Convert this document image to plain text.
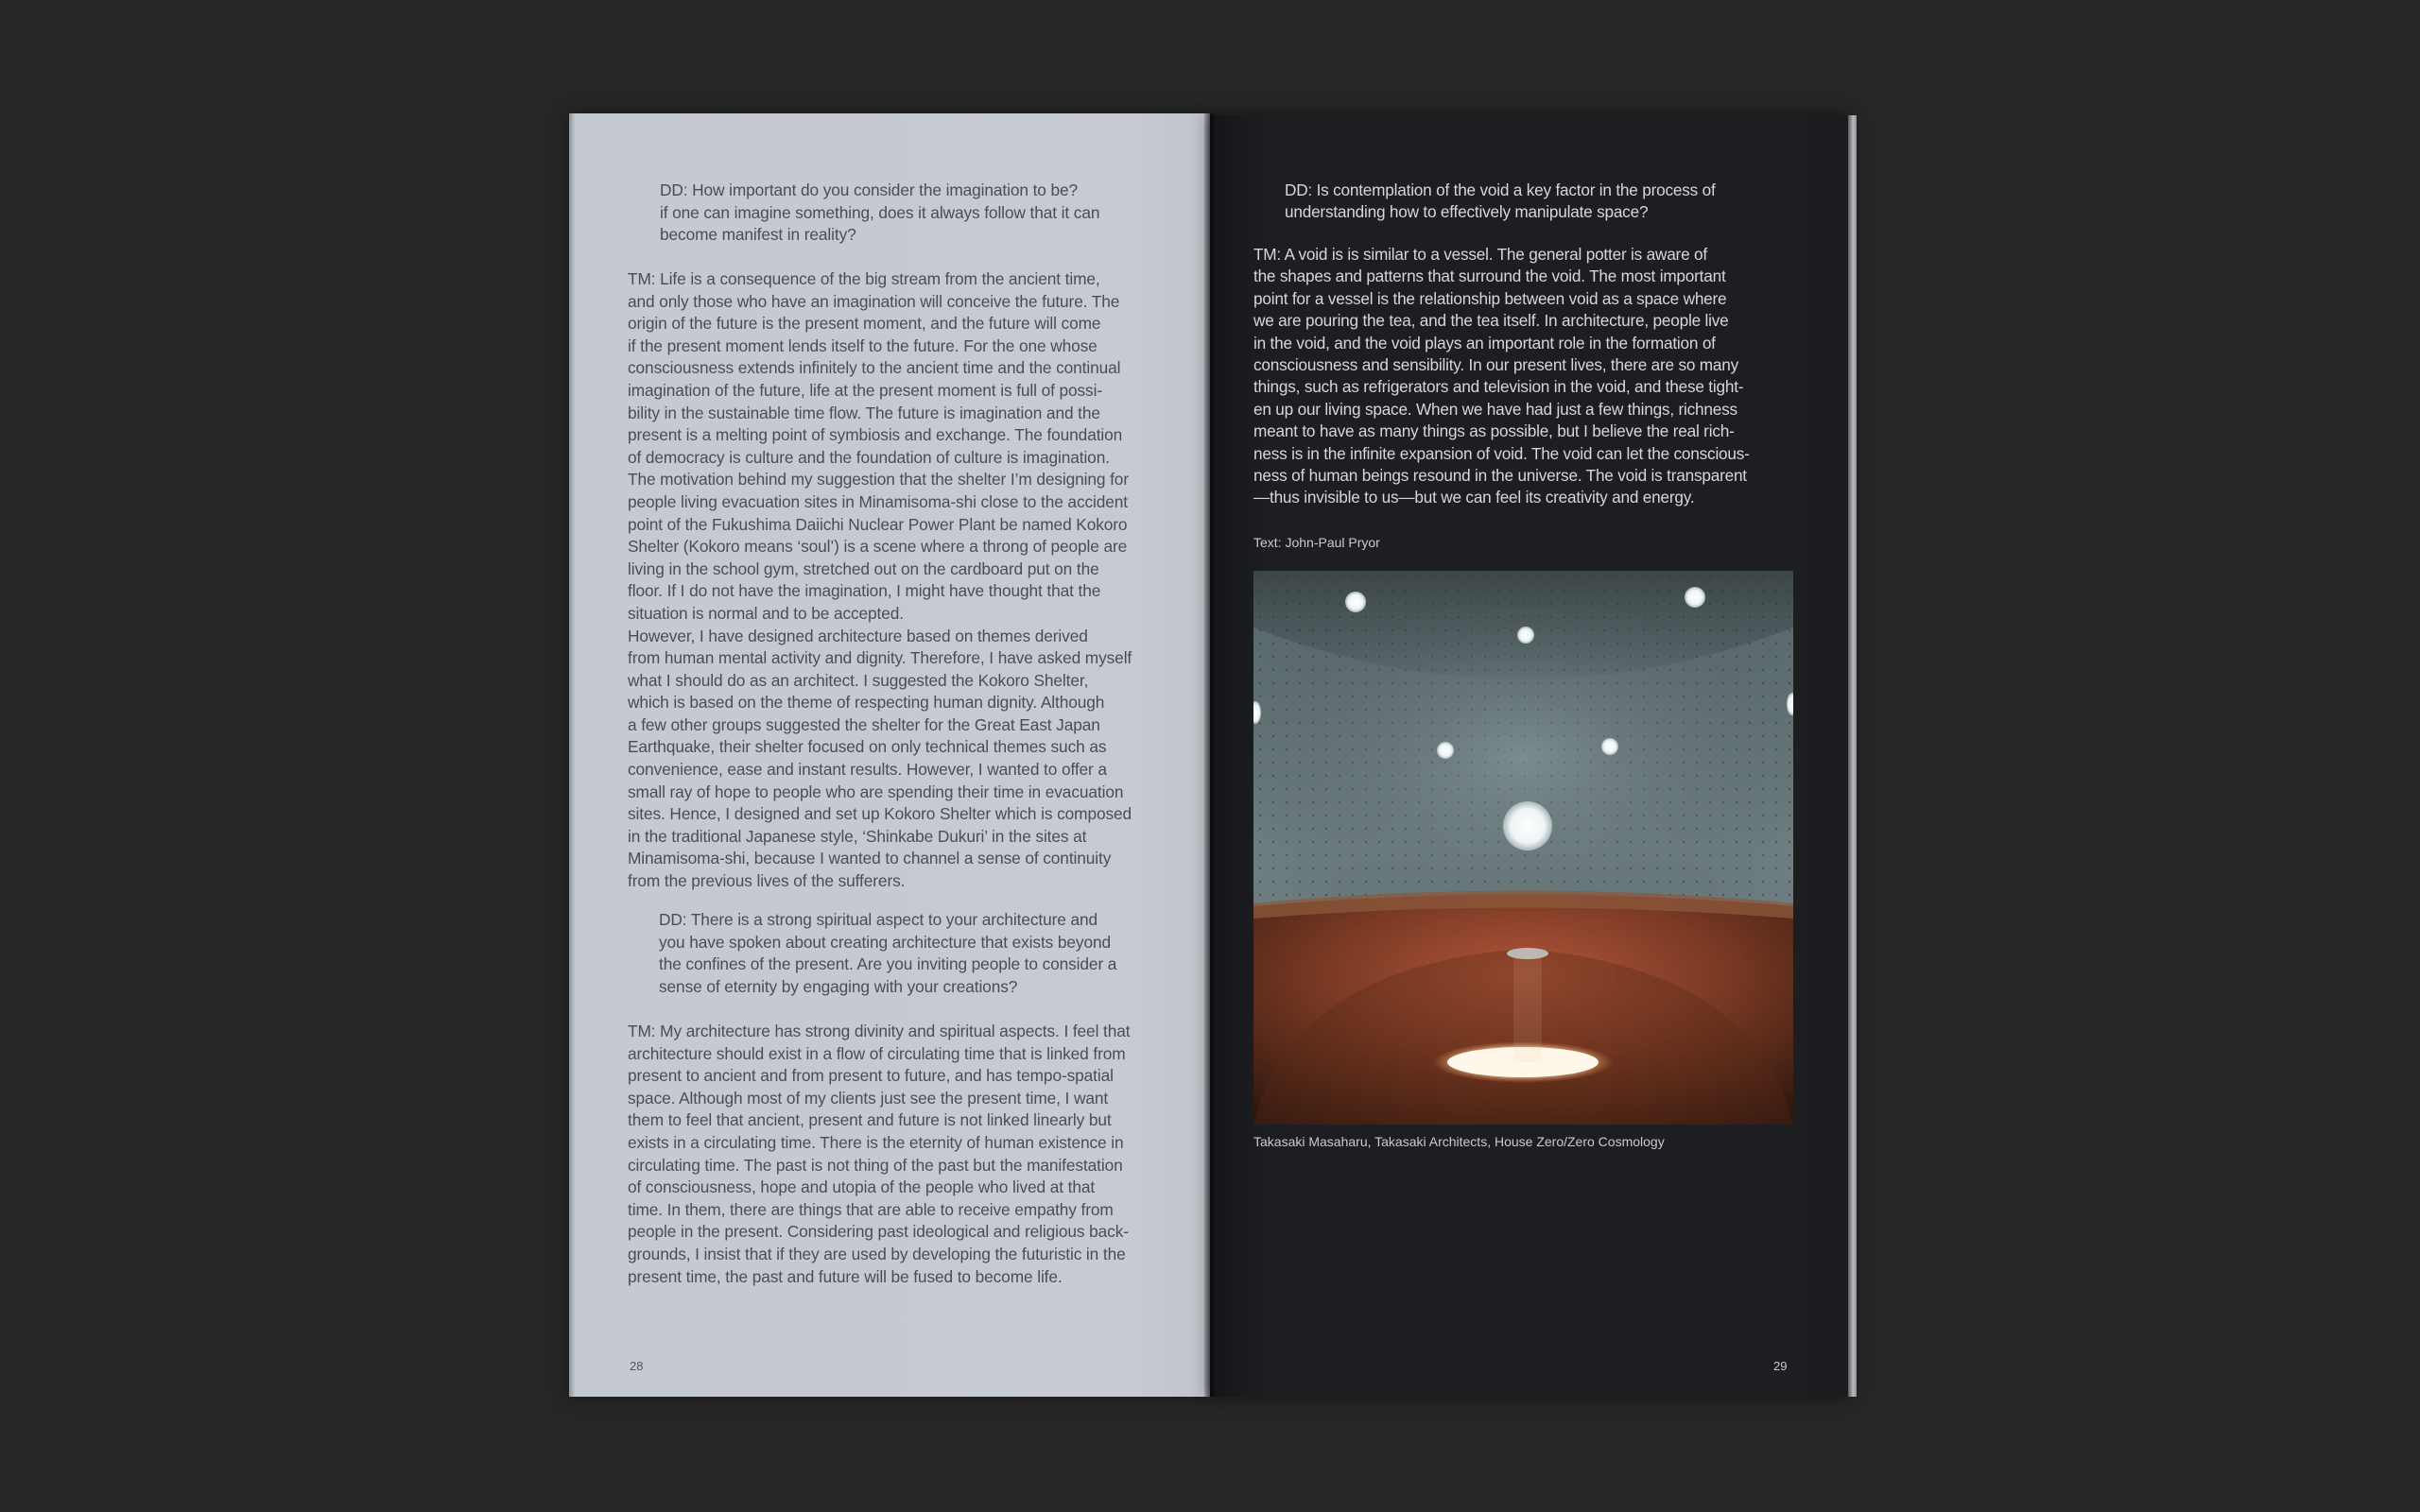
DD: How important do you consider the imagination to be?
if one can imagine something, does it always follow that it can
become manifest in reality?
TM: Life is a consequence of the big stream from the ancient time,
and only those who have an imagination will conceive the future. The
origin of the future is the present moment, and the future will come
if the present moment lends itself to the future. For the one whose
consciousness extends infinitely to the ancient time and the continual
imagination of the future, life at the present moment is full of possi-
bility in the sustainable time flow. The future is imagination and the
present is a melting point of symbiosis and exchange. The foundation
of democracy is culture and the foundation of culture is imagination.
The motivation behind my suggestion that the shelter I’m designing for
people living evacuation sites in Minamisoma-shi close to the accident
point of the Fukushima Daiichi Nuclear Power Plant be named Kokoro
Shelter (Kokoro means ‘soul’) is a scene where a throng of people are
living in the school gym, stretched out on the cardboard put on the
floor. If I do not have the imagination, I might have thought that the
situation is normal and to be accepted.
However, I have designed architecture based on themes derived
from human mental activity and dignity. Therefore, I have asked myself
what I should do as an architect. I suggested the Kokoro Shelter,
which is based on the theme of respecting human dignity. Although
a few other groups suggested the shelter for the Great East Japan
Earthquake, their shelter focused on only technical themes such as
convenience, ease and instant results. However, I wanted to offer a
small ray of hope to people who are spending their time in evacuation
sites. Hence, I designed and set up Kokoro Shelter which is composed
in the traditional Japanese style, ‘Shinkabe Dukuri’ in the sites at
Minamisoma-shi, because I wanted to channel a sense of continuity
from the previous lives of the sufferers.
DD: There is a strong spiritual aspect to your architecture and
you have spoken about creating architecture that exists beyond
the confines of the present. Are you inviting people to consider a
sense of eternity by engaging with your creations?
TM: My architecture has strong divinity and spiritual aspects. I feel that
architecture should exist in a flow of circulating time that is linked from
present to ancient and from present to future, and has tempo-spatial
space. Although most of my clients just see the present time, I want
them to feel that ancient, present and future is not linked linearly but
exists in a circulating time. There is the eternity of human existence in
circulating time. The past is not thing of the past but the manifestation
of consciousness, hope and utopia of the people who lived at that
time. In them, there are things that are able to receive empathy from
people in the present. Considering past ideological and religious back-
grounds, I insist that if they are used by developing the futuristic in the
present time, the past and future will be fused to become life.
28
DD: Is contemplation of the void a key factor in the process of
understanding how to effectively manipulate space?
TM: A void is is similar to a vessel. The general potter is aware of
the shapes and patterns that surround the void. The most important
point for a vessel is the relationship between void as a space where
we are pouring the tea, and the tea itself. In architecture, people live
in the void, and the void plays an important role in the formation of
consciousness and sensibility. In our present lives, there are so many
things, such as refrigerators and television in the void, and these tight-
en up our living space. When we have had just a few things, richness
meant to have as many things as possible, but I believe the real rich-
ness is in the infinite expansion of void. The void can let the conscious-
ness of human beings resound in the universe. The void is transparent
—thus invisible to us—but we can feel its creativity and energy.
Text: John-Paul Pryor
Takasaki Masaharu, Takasaki Architects, House Zero/Zero Cosmology
29
